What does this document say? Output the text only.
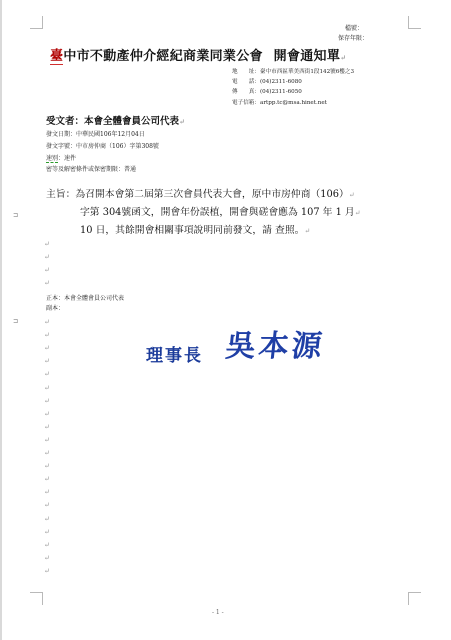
⊐
⊐
檔號：
保存年限：
臺中市不動產仲介經紀商業同業公會 開會通知單↵
地　　址：臺中市西區華美西街1段142號6樓之3
電　　話：(04)2311-6080
傳　　真：(04)2311-6050
電子信箱：artpp.tc@msa.hinet.net
受文者：本會全體會員公司代表↵
發文日期：中華民國106年12月04日
發文字號：中市房仲商（106）字第308號
速別：速件
密等及解密條件或保密期限：普通
主旨：為召開本會第二屆第三次會員代表大會，原中市房仲商（106）↵
字第 304號函文，開會年份誤植，開會與磋會應為 107 年 1 月↵
10 日，其餘開會相關事項說明同前發文，請 查照。↵
↵
↵
↵
↵
↵
↵
↵
↵
↵
↵
↵
↵
↵
↵
↵
↵
↵
↵
↵
↵
↵
↵
↵
↵
正本：本會全體會員公司代表
副本：
理事長 吳本源
- 1 -
